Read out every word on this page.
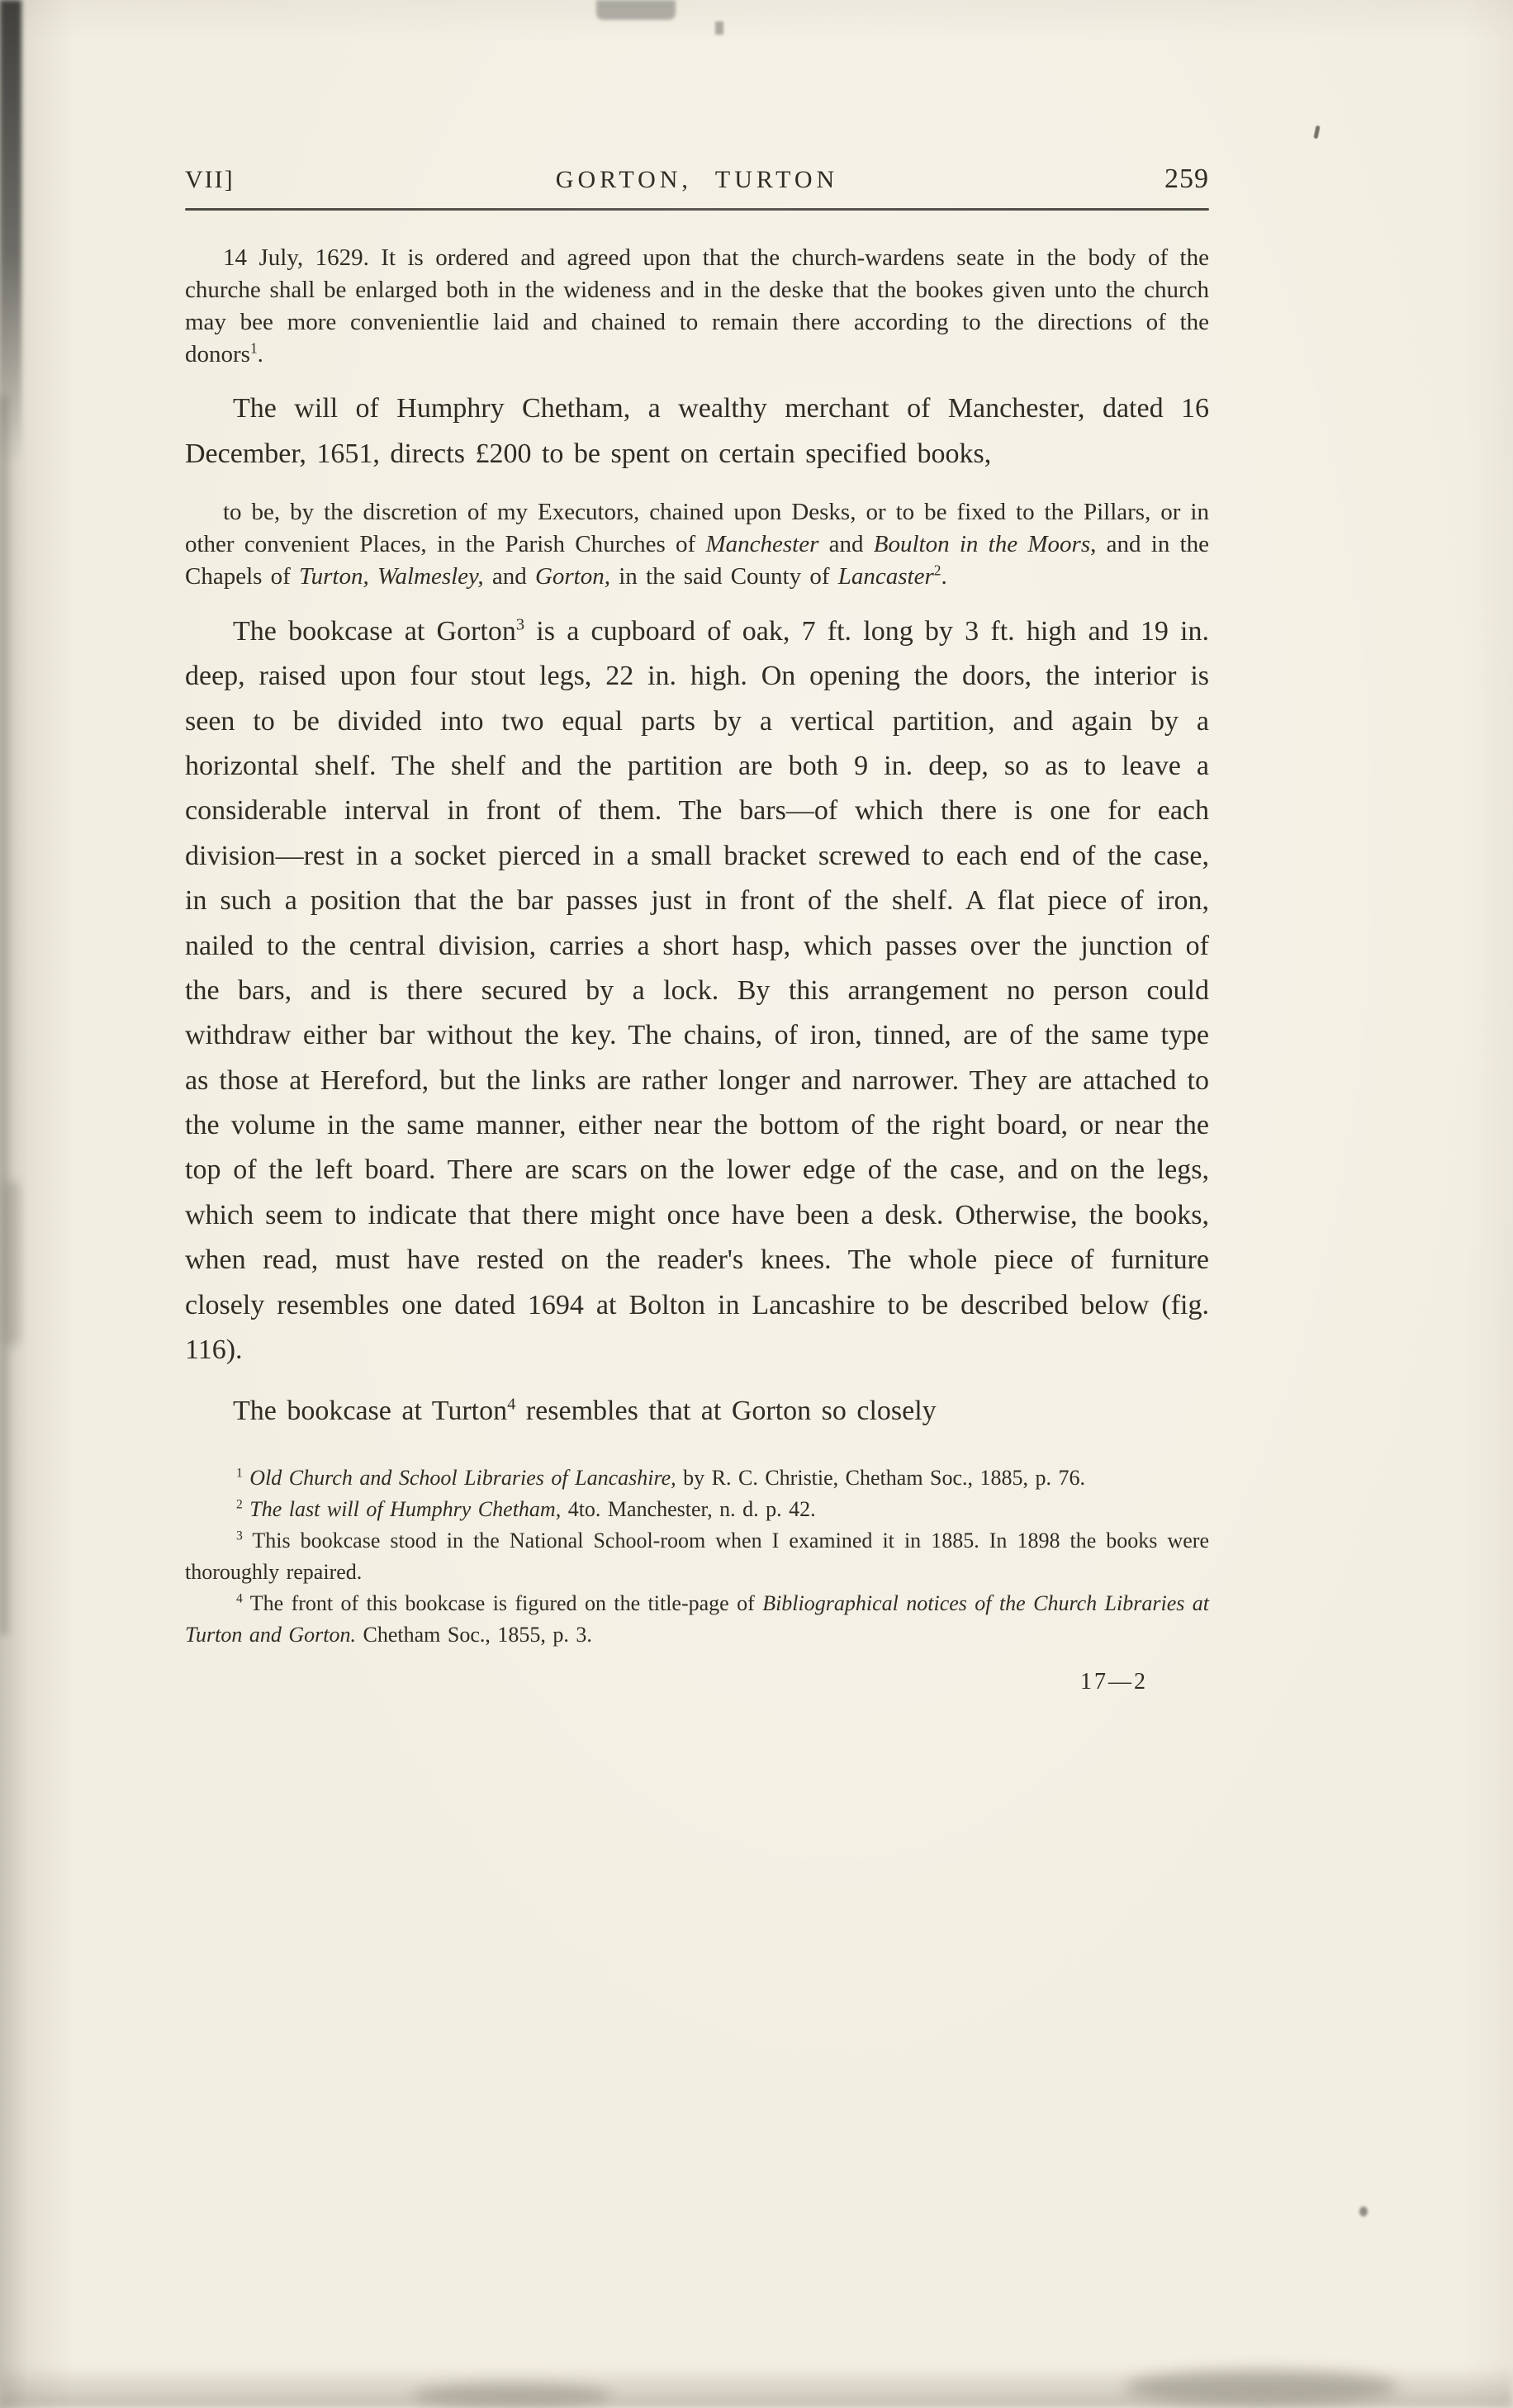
VII]	GORTON, TURTON	259

14 July, 1629. It is ordered and agreed upon that the church-wardens seate in the body of the churche shall be enlarged both in the wideness and in the deske that the bookes given unto the church may bee more convenientlie laid and chained to remain there according to the directions of the donors$^1$.

The will of Humphry Chetham, a wealthy merchant of Manchester, dated 16 December, 1651, directs £200 to be spent on certain specified books,

to be, by the discretion of my Executors, chained upon Desks, or to be fixed to the Pillars, or in other convenient Places, in the Parish Churches of Manchester and Boulton in the Moors, and in the Chapels of Turton, Walmesley, and Gorton, in the said County of Lancaster$^2$.

The bookcase at Gorton$^3$ is a cupboard of oak, 7 ft. long by 3 ft. high and 19 in. deep, raised upon four stout legs, 22 in. high. On opening the doors, the interior is seen to be divided into two equal parts by a vertical partition, and again by a horizontal shelf. The shelf and the partition are both 9 in. deep, so as to leave a considerable interval in front of them. The bars—of which there is one for each division—rest in a socket pierced in a small bracket screwed to each end of the case, in such a position that the bar passes just in front of the shelf. A flat piece of iron, nailed to the central division, carries a short hasp, which passes over the junction of the bars, and is there secured by a lock. By this arrangement no person could withdraw either bar without the key. The chains, of iron, tinned, are of the same type as those at Hereford, but the links are rather longer and narrower. They are attached to the volume in the same manner, either near the bottom of the right board, or near the top of the left board. There are scars on the lower edge of the case, and on the legs, which seem to indicate that there might once have been a desk. Otherwise, the books, when read, must have rested on the reader's knees. The whole piece of furniture closely resembles one dated 1694 at Bolton in Lancashire to be described below (fig. 116).

The bookcase at Turton$^4$ resembles that at Gorton so closely

$^1$ Old Church and School Libraries of Lancashire, by R. C. Christie, Chetham Soc., 1885, p. 76.

$^2$ The last will of Humphry Chetham, 4to. Manchester, n. d. p. 42.

$^3$ This bookcase stood in the National School-room when I examined it in 1885. In 1898 the books were thoroughly repaired.

$^4$ The front of this bookcase is figured on the title-page of Bibliographical notices of the Church Libraries at Turton and Gorton. Chetham Soc., 1855, p. 3.

17—2
